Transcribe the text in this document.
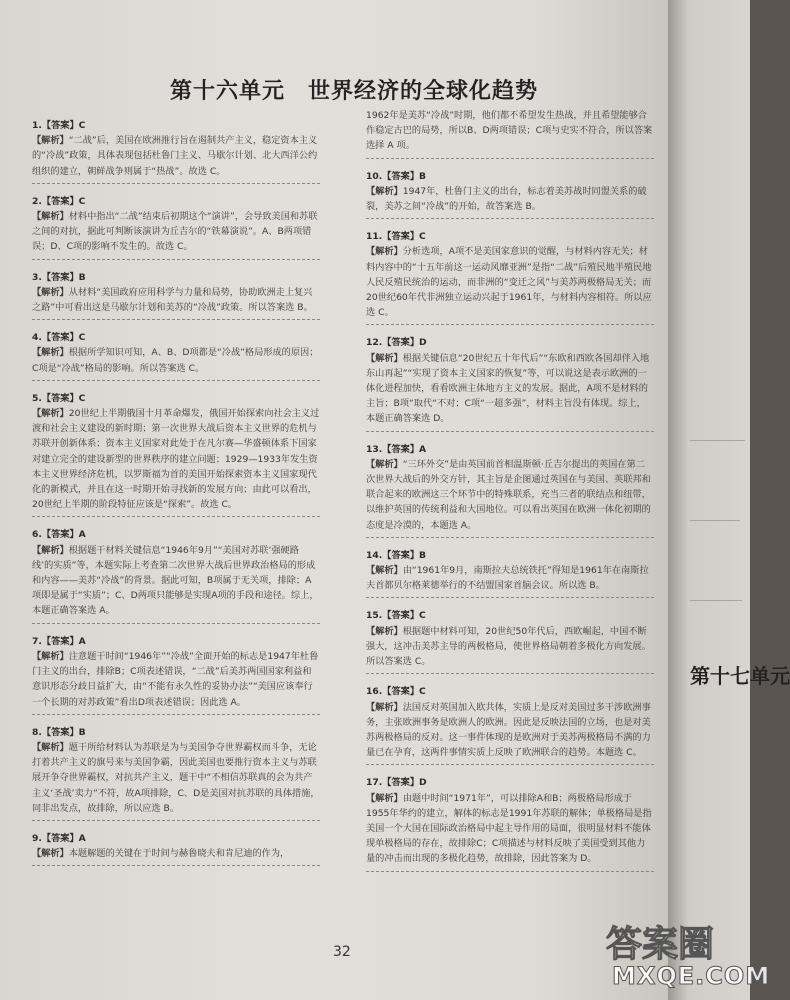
第十六单元　世界经济的全球化趋势
1.【答案】C
【解析】“二战”后，美国在欧洲推行旨在遏制共产主义，稳定资本主义的“冷战”政策，具体表现包括杜鲁门主义、马歇尔计划、北大西洋公约组织的建立，朝鲜战争则属于“热战”。故选 C。
2.【答案】C
【解析】材料中指出“二战”结束后初期这个“演讲”，会导致美国和苏联之间的对抗，据此可判断该演讲为丘吉尔的“铁幕演说”。A、B两项错误；D、C项的影响不发生的。故选 C。
3.【答案】B
【解析】从材料“美国政府应用科学与力量和局势，协助欧洲走上复兴之路”中可看出这是马歇尔计划和美苏的“冷战”政策。所以答案选 B。
4.【答案】C
【解析】根据所学知识可知，A、B、D项都是“冷战”格局形成的原因；C项是“冷战”格局的影响。所以答案选 C。
5.【答案】C
【解析】20世纪上半期俄国十月革命爆发，俄国开始探索向社会主义过渡和社会主义建设的新时期；第一次世界大战后资本主义世界的危机与苏联开创新体系；资本主义国家对此处于在凡尔赛—华盛顿体系下国家对建立完全的建设新型的世界秩序的建立问题；1929—1933年发生资本主义世界经济危机，以罗斯福为首的美国开始探索资本主义国家现代化的新模式，并且在这一时期开始寻找新的发展方向；由此可以看出，20世纪上半期的阶段特征应该是“探索”。故选 C。
6.【答案】A
【解析】根据题干材料关键信息“1946年9月”“美国对苏联‘强硬路线’的实质”等，本题实际上考查第二次世界大战后世界政治格局的形成和内容——美苏“冷战”的背景。据此可知，B项属于无关项，排除；A项即是属于“实质”；C、D两项只能够是实现A项的手段和途径。综上，本题正确答案选 A。
7.【答案】A
【解析】注意题干时间“1946年”“冷战”全面开始的标志是1947年杜鲁门主义的出台，排除B；C项表述错误，“二战”后美苏两国国家利益和意识形态分歧日益扩大，由“不能有永久性的妥协办法”“美国应该奉行一个长期的对苏政策”看出D项表述错误；因此选 A。
8.【答案】B
【解析】题干所给材料认为苏联是为与美国争夺世界霸权而斗争，无论打着共产主义的旗号来与美国争霸，因此美国也要推行资本主义与苏联展开争夺世界霸权，对抗共产主义，题干中“不相信苏联真的会为共产主义‘圣战’卖力”不符，故A项排除，C、D是美国对抗苏联的具体措施，同非出发点，故排除，所以应选 B。
9.【答案】A
【解析】本题解题的关键在于时间与赫鲁晓夫和肯尼迪的作为，
1962年是美苏“冷战”时期，他们都不希望发生热战，并且希望能够合作稳定古巴的局势，所以B、D两项错误；C项与史实不符合，所以答案选择 A 项。
10.【答案】B
【解析】1947年，杜鲁门主义的出台，标志着美苏战时同盟关系的破裂，美苏之间“冷战”的开始，故答案选 B。
11.【答案】C
【解析】分析选项，A项不是美国家意识的觉醒，与材料内容无关；材料内容中的“十五年前这一运动风靡亚洲”是指“二战”后殖民地半殖民地人民反殖民统治的运动，而非洲的“变迁之风”与美苏两极格局无关；而20世纪60年代非洲独立运动兴起于1961年，与材料内容相符。所以应选 C。
12.【答案】D
【解析】根据关键信息“20世纪五十年代后”“东欧和西欧各国却伴入地东山再起”“实现了资本主义国家的恢复”等，可以说这是表示欧洲的一体化进程加快，看看欧洲主体地方主义的发展。据此，A项不是材料的主旨；B项“取代“不对；C项“一超多强”，材料主旨没有体现。综上，本题正确答案选 D。
13.【答案】A
【解析】“三环外交”是由英国前首相温斯顿·丘吉尔提出的英国在第二次世界大战后的外交方针，其主旨是企图通过英国在与美国、英联邦和联合起来的欧洲这三个环节中的特殊联系，充当三者的联结点和纽带，以维护英国的传统利益和大国地位。可以看出英国在欧洲一体化初期的态度是冷漠的，本题选 A。
14.【答案】B
【解析】由“1961年9月，南斯拉夫总统铁托”得知是1961年在南斯拉夫首都贝尔格莱德举行的不结盟国家首脑会议。所以选 B。
15.【答案】C
【解析】根据题中材料可知，20世纪50年代后，西欧崛起，中国不断强大，这冲击美苏主导的两极格局，使世界格局朝着多极化方向发展。所以答案选 C。
16.【答案】C
【解析】法国反对英国加入欧共体，实质上是反对美国过多干涉欧洲事务，主张欧洲事务是欧洲人的欧洲。因此是反映法国的立场，也是对美苏两极格局的反对。这一事件体现的是欧洲对于美苏两极格局不满的力量已在孕育，这两件事情实质上反映了欧洲联合的趋势。本题选 C。
17.【答案】D
【解析】由题中时间“1971年”，可以排除A和B；两极格局形成于1955年华约的建立，解体的标志是1991年苏联的解体；单极格局是指美国一个大国在国际政治格局中起主导作用的局面，很明显材料不能体现单极格局的存在，故排除C；C项描述与材料反映了美国受到其他力量的冲击而出现的多极化趋势，故排除，因此答案为 D。
32
第十七单元
答案圈
MXQE.COM
